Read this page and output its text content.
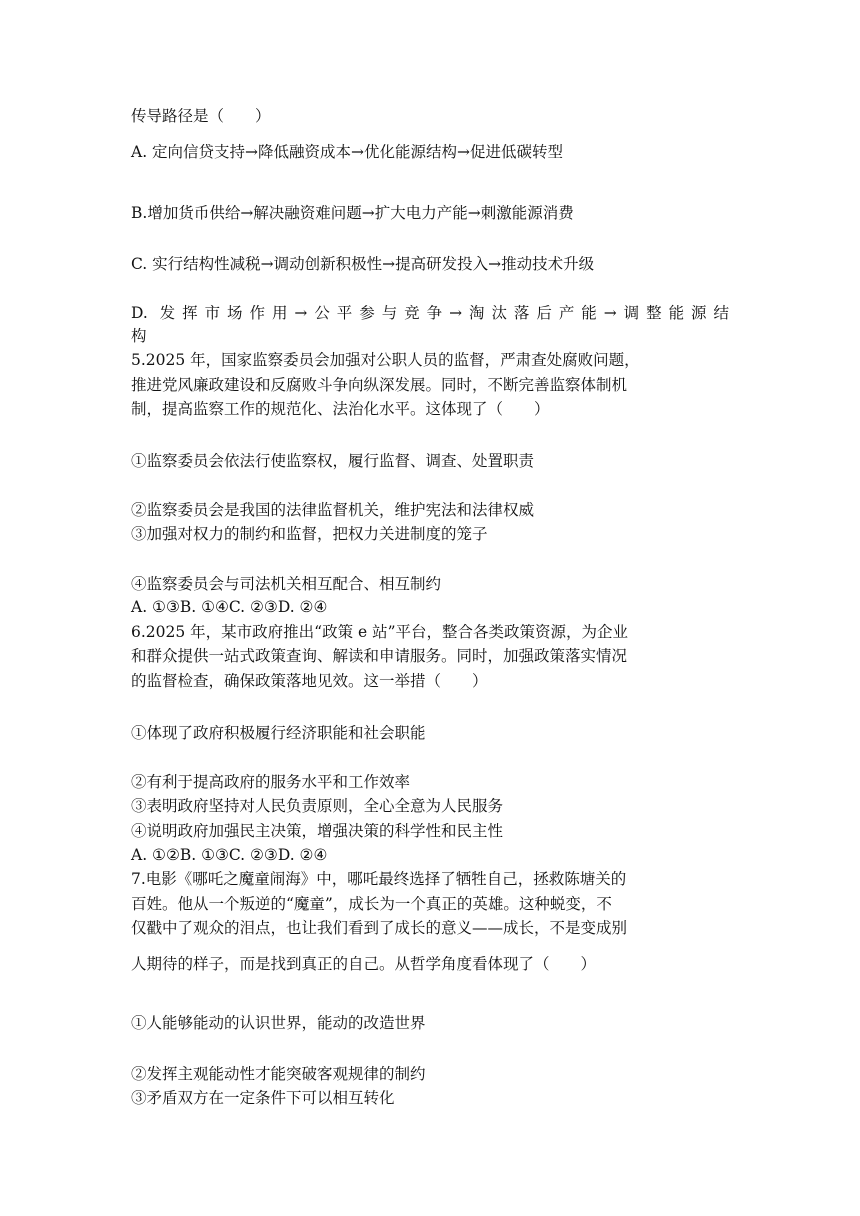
传导路径是（　　）
A. 定向信贷支持→降低融资成本→优化能源结构→促进低碳转型
B.增加货币供给→解决融资难问题→扩大电力产能→刺激能源消费
C. 实行结构性减税→调动创新积极性→提高研发投入→推动技术升级
D. 发挥市场作用→公平参与竞争→淘汰落后产能→调整能源结
构
5.2025 年，国家监察委员会加强对公职人员的监督，严肃查处腐败问题，
推进党风廉政建设和反腐败斗争向纵深发展。同时，不断完善监察体制机
制，提高监察工作的规范化、法治化水平。这体现了（　　）
①监察委员会依法行使监察权，履行监督、调查、处置职责
②监察委员会是我国的法律监督机关，维护宪法和法律权威
③加强对权力的制约和监督，把权力关进制度的笼子
④监察委员会与司法机关相互配合、相互制约
A. ①③B. ①④C. ②③D. ②④
6.2025 年，某市政府推出“政策 e 站”平台，整合各类政策资源，为企业
和群众提供一站式政策查询、解读和申请服务。同时，加强政策落实情况
的监督检查，确保政策落地见效。这一举措（　　）
①体现了政府积极履行经济职能和社会职能
②有利于提高政府的服务水平和工作效率
③表明政府坚持对人民负责原则，全心全意为人民服务
④说明政府加强民主决策，增强决策的科学性和民主性
A. ①②B. ①③C. ②③D. ②④
7.电影《哪吒之魔童闹海》中，哪吒最终选择了牺牲自己，拯救陈塘关的
百姓。他从一个叛逆的“魔童”，成长为一个真正的英雄。这种蜕变，不
仅戳中了观众的泪点，也让我们看到了成长的意义——成长，不是变成别
人期待的样子，而是找到真正的自己。从哲学角度看体现了（　　）
①人能够能动的认识世界，能动的改造世界
②发挥主观能动性才能突破客观规律的制约
③矛盾双方在一定条件下可以相互转化
